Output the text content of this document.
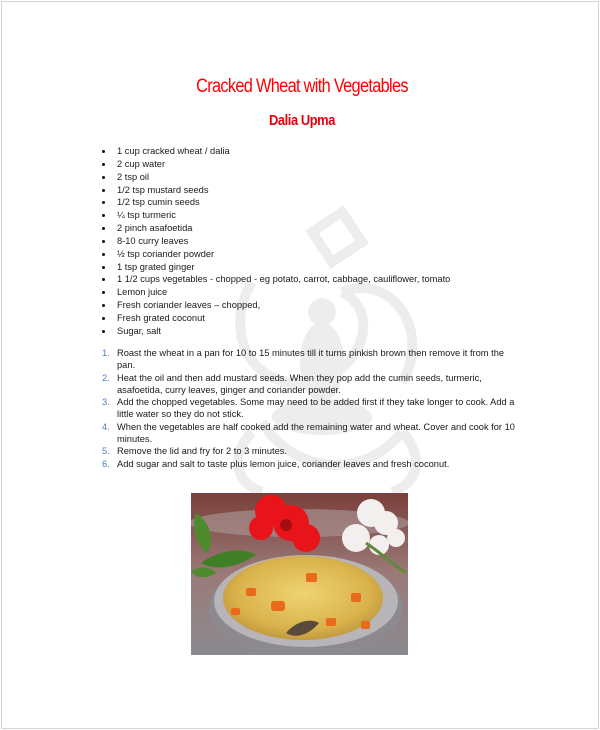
Cracked Wheat with Vegetables
Dalia Upma
1 cup cracked wheat / dalia
2 cup water
2 tsp oil
1/2 tsp mustard seeds
1/2 tsp cumin seeds
¼ tsp turmeric
2 pinch asafoetida
8-10 curry leaves
½ tsp coriander powder
1 tsp grated ginger
1 1/2 cups vegetables - chopped - eg potato, carrot, cabbage, cauliflower, tomato
Lemon juice
Fresh coriander leaves – chopped,
Fresh grated coconut
Sugar, salt
1. Roast the wheat in a pan for 10 to 15 minutes till it turns pinkish brown then remove it from the pan.
2. Heat the oil and then add mustard seeds. When they pop add the cumin seeds, turmeric, asafoetida, curry leaves, ginger and coriander powder.
3. Add the chopped vegetables. Some may need to be added first if they take longer to cook. Add a little water so they do not stick.
4. When the vegetables are half cooked add the remaining water and wheat. Cover and cook for 10 minutes.
5. Remove the lid and fry for 2 to 3 minutes.
6. Add sugar and salt to taste plus lemon juice, coriander leaves and fresh coconut.
